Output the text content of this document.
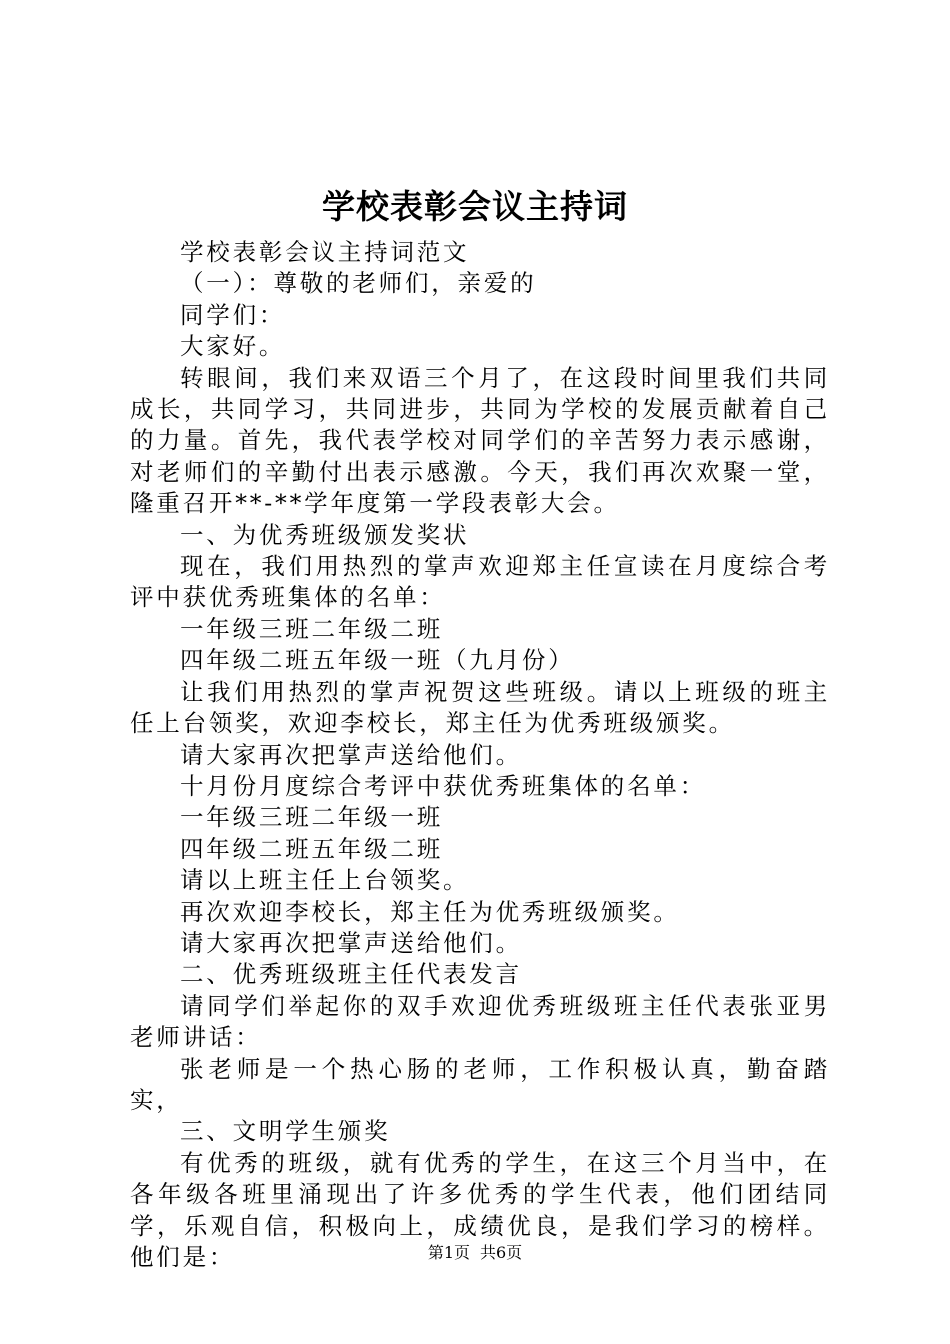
学校表彰会议主持词

学校表彰会议主持词范文

（一）：尊敬的老师们，亲爱的

同学们：

大家好。

转眼间，我们来双语三个月了，在这段时间里我们共同成长，共同学习，共同进步，共同为学校的发展贡献着自己的力量。首先，我代表学校对同学们的辛苦努力表示感谢，对老师们的辛勤付出表示感激。今天，我们再次欢聚一堂，隆重召开**-**学年度第一学段表彰大会。

一、为优秀班级颁发奖状

现在，我们用热烈的掌声欢迎郑主任宣读在月度综合考评中获优秀班集体的名单：

一年级三班二年级二班

四年级二班五年级一班（九月份）

让我们用热烈的掌声祝贺这些班级。请以上班级的班主任上台领奖，欢迎李校长，郑主任为优秀班级颁奖。

请大家再次把掌声送给他们。

十月份月度综合考评中获优秀班集体的名单：

一年级三班二年级一班

四年级二班五年级二班

请以上班主任上台领奖。

再次欢迎李校长，郑主任为优秀班级颁奖。

请大家再次把掌声送给他们。

二、优秀班级班主任代表发言

请同学们举起你的双手欢迎优秀班级班主任代表张亚男老师讲话：

张老师是一个热心肠的老师，工作积极认真，勤奋踏实，

三、文明学生颁奖

有优秀的班级，就有优秀的学生，在这三个月当中，在各年级各班里涌现出了许多优秀的学生代表，他们团结同学，乐观自信，积极向上，成绩优良，是我们学习的榜样。他们是：	第1页 共6页
